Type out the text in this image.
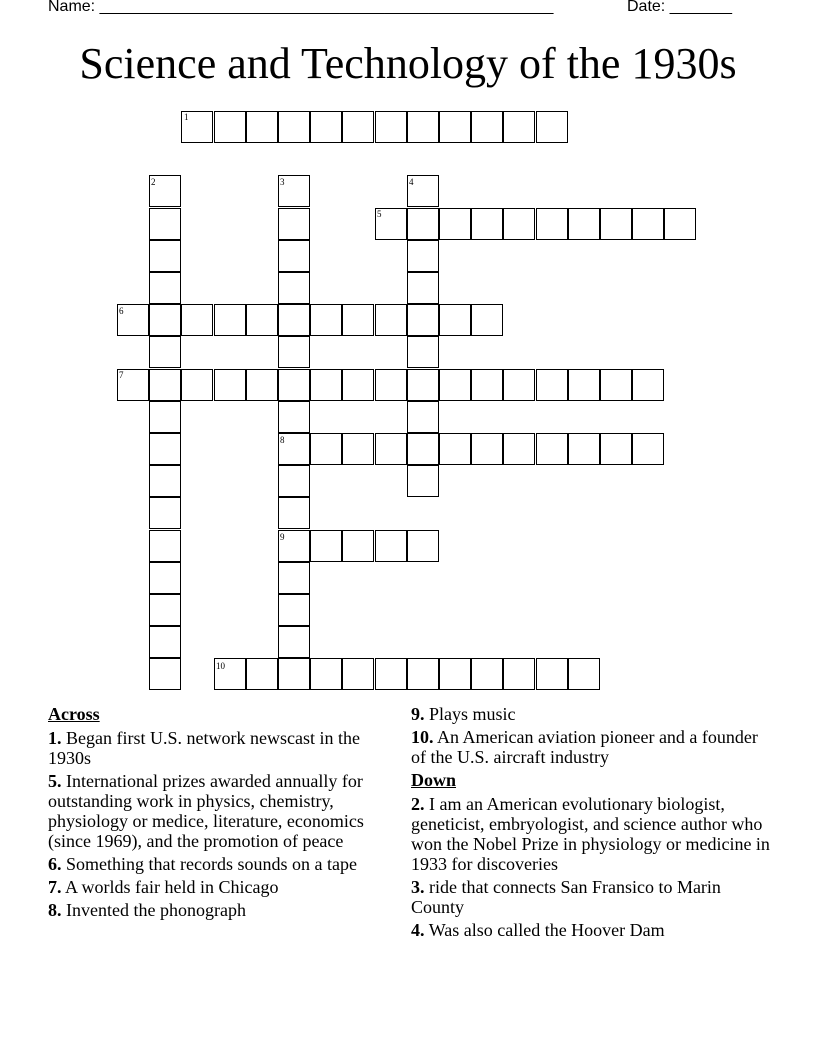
Name: ___________________________________________________	Date: _______
Science and Technology of the 1930s
1
2	3	4
5
6
7
8
9
10
Across
1. Began first U.S. network newscast in the 1930s
5. International prizes awarded annually for outstanding work in physics, chemistry, physiology or medice, literature, economics (since 1969), and the promotion of peace
6. Something that records sounds on a tape
7. A worlds fair held in Chicago
8. Invented the phonograph
9. Plays music
10. An American aviation pioneer and a founder of the U.S. aircraft industry
Down
2. I am an American evolutionary biologist, geneticist, embryologist, and science author who won the Nobel Prize in physiology or medicine in 1933 for discoveries
3. ride that connects San Fransico to Marin County
4. Was also called the Hoover Dam
